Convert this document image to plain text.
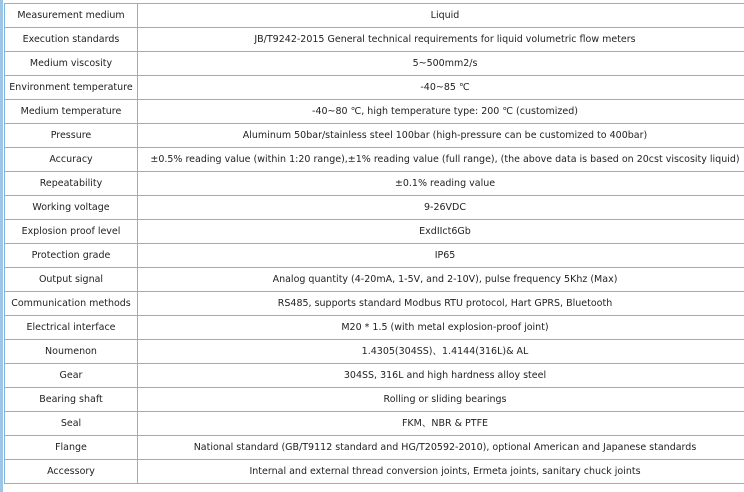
Measurement medium	Liquid
Execution standards	JB/T9242-2015 General technical requirements for liquid volumetric flow meters
Medium viscosity	5~500mm2/s
Environment temperature	-40~85 ℃
Medium temperature	-40~80 ℃, high temperature type: 200 ℃ (customized)
Pressure	Aluminum 50bar/stainless steel 100bar (high-pressure can be customized to 400bar)
Accuracy	±0.5% reading value (within 1:20 range),±1% reading value (full range), (the above data is based on 20cst viscosity liquid)
Repeatability	±0.1% reading value
Working voltage	9-26VDC
Explosion proof level	ExdIIct6Gb
Protection grade	IP65
Output signal	Analog quantity (4-20mA, 1-5V, and 2-10V), pulse frequency 5Khz (Max)
Communication methods	RS485, supports standard Modbus RTU protocol, Hart GPRS, Bluetooth
Electrical interface	M20 * 1.5 (with metal explosion-proof joint)
Noumenon	1.4305(304SS)、1.4144(316L)& AL
Gear	304SS, 316L and high hardness alloy steel
Bearing shaft	Rolling or sliding bearings
Seal	FKM、NBR & PTFE
Flange	National standard (GB/T9112 standard and HG/T20592-2010), optional American and Japanese standards
Accessory	Internal and external thread conversion joints, Ermeta joints, sanitary chuck joints
